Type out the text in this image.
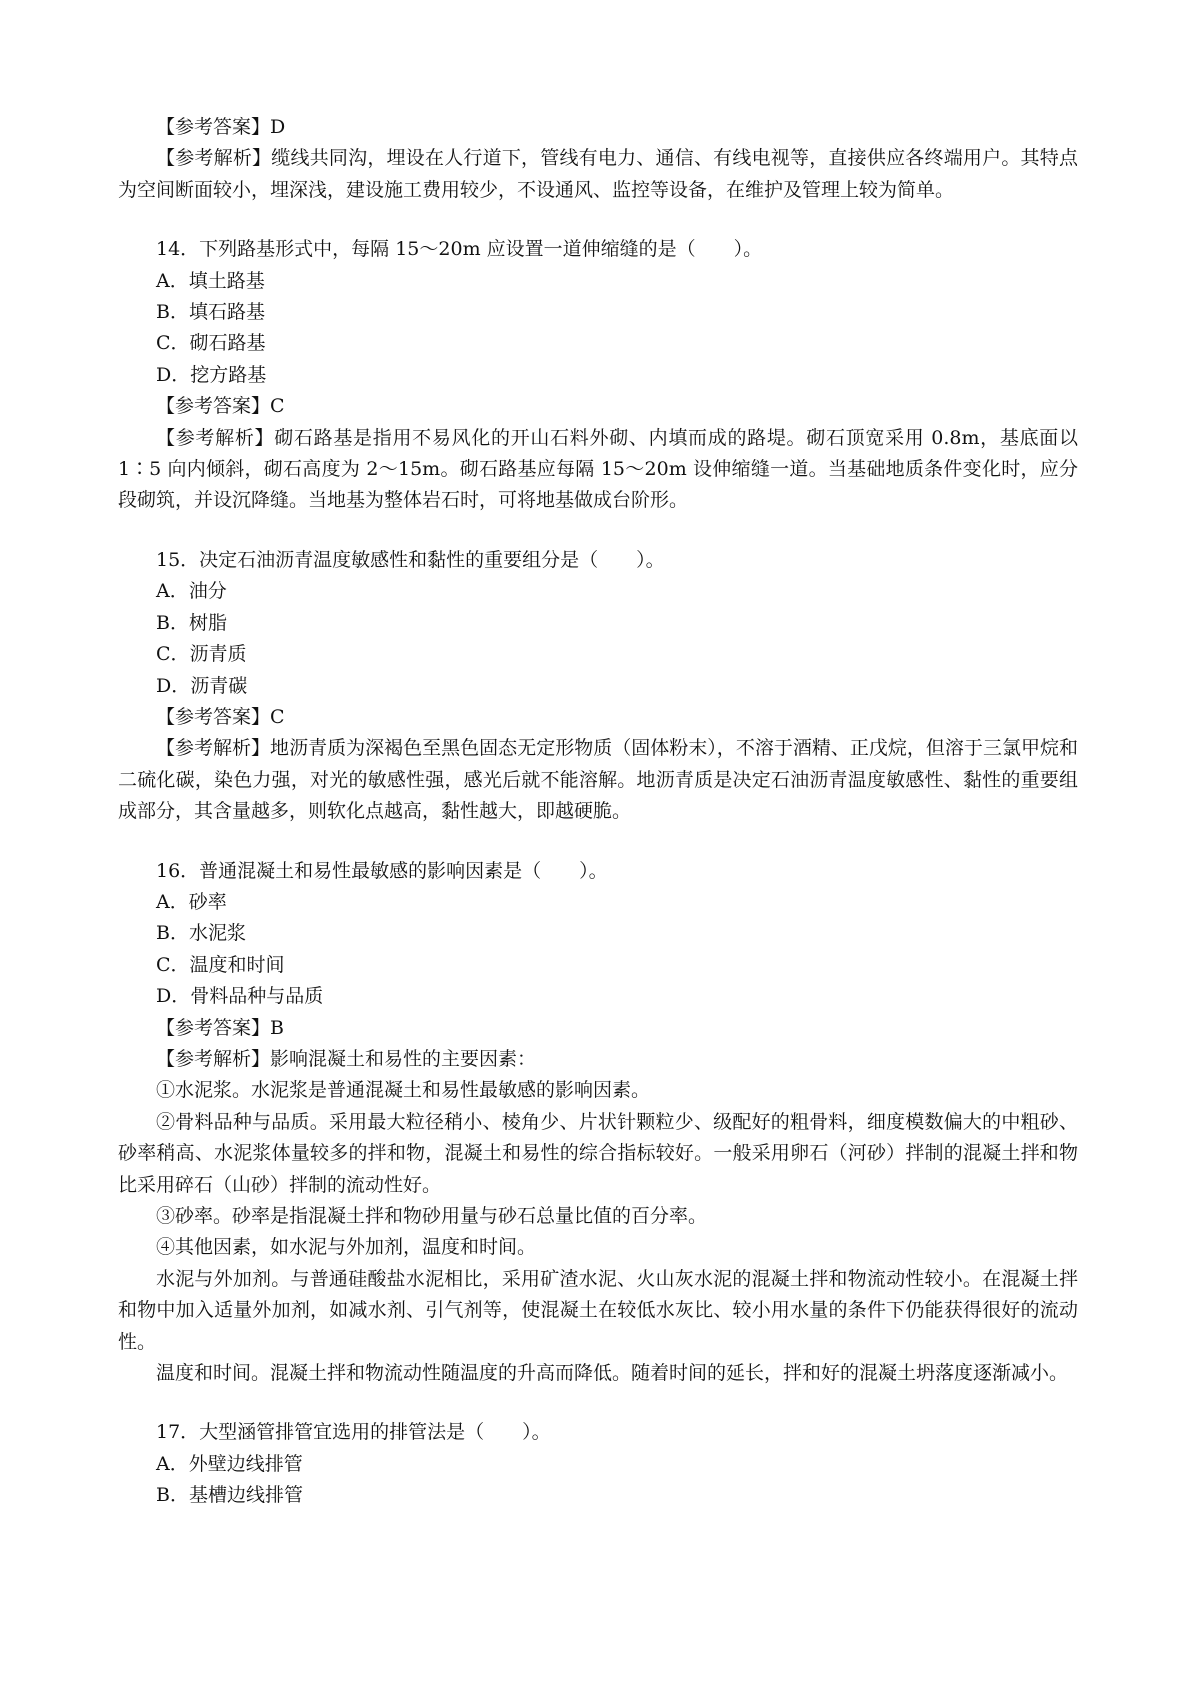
【参考答案】D
【参考解析】缆线共同沟，埋设在人行道下，管线有电力、通信、有线电视等，直接供应各终端用户。其特点为空间断面较小，埋深浅，建设施工费用较少，不设通风、监控等设备，在维护及管理上较为简单。
14．下列路基形式中，每隔 15～20m 应设置一道伸缩缝的是（　　）。
A．填土路基
B．填石路基
C．砌石路基
D．挖方路基
【参考答案】C
【参考解析】砌石路基是指用不易风化的开山石料外砌、内填而成的路堤。砌石顶宽采用 0.8m，基底面以 1∶5 向内倾斜，砌石高度为 2～15m。砌石路基应每隔 15～20m 设伸缩缝一道。当基础地质条件变化时，应分段砌筑，并设沉降缝。当地基为整体岩石时，可将地基做成台阶形。
15．决定石油沥青温度敏感性和黏性的重要组分是（　　）。
A．油分
B．树脂
C．沥青质
D．沥青碳
【参考答案】C
【参考解析】地沥青质为深褐色至黑色固态无定形物质（固体粉末），不溶于酒精、正戊烷，但溶于三氯甲烷和二硫化碳，染色力强，对光的敏感性强，感光后就不能溶解。地沥青质是决定石油沥青温度敏感性、黏性的重要组成部分，其含量越多，则软化点越高，黏性越大，即越硬脆。
16．普通混凝土和易性最敏感的影响因素是（　　）。
A．砂率
B．水泥浆
C．温度和时间
D．骨料品种与品质
【参考答案】B
【参考解析】影响混凝土和易性的主要因素：
①水泥浆。水泥浆是普通混凝土和易性最敏感的影响因素。
②骨料品种与品质。采用最大粒径稍小、棱角少、片状针颗粒少、级配好的粗骨料，细度模数偏大的中粗砂、砂率稍高、水泥浆体量较多的拌和物，混凝土和易性的综合指标较好。一般采用卵石（河砂）拌制的混凝土拌和物比采用碎石（山砂）拌制的流动性好。
③砂率。砂率是指混凝土拌和物砂用量与砂石总量比值的百分率。
④其他因素，如水泥与外加剂，温度和时间。
水泥与外加剂。与普通硅酸盐水泥相比，采用矿渣水泥、火山灰水泥的混凝土拌和物流动性较小。在混凝土拌和物中加入适量外加剂，如减水剂、引气剂等，使混凝土在较低水灰比、较小用水量的条件下仍能获得很好的流动性。
温度和时间。混凝土拌和物流动性随温度的升高而降低。随着时间的延长，拌和好的混凝土坍落度逐渐减小。
17．大型涵管排管宜选用的排管法是（　　）。
A．外壁边线排管
B．基槽边线排管
